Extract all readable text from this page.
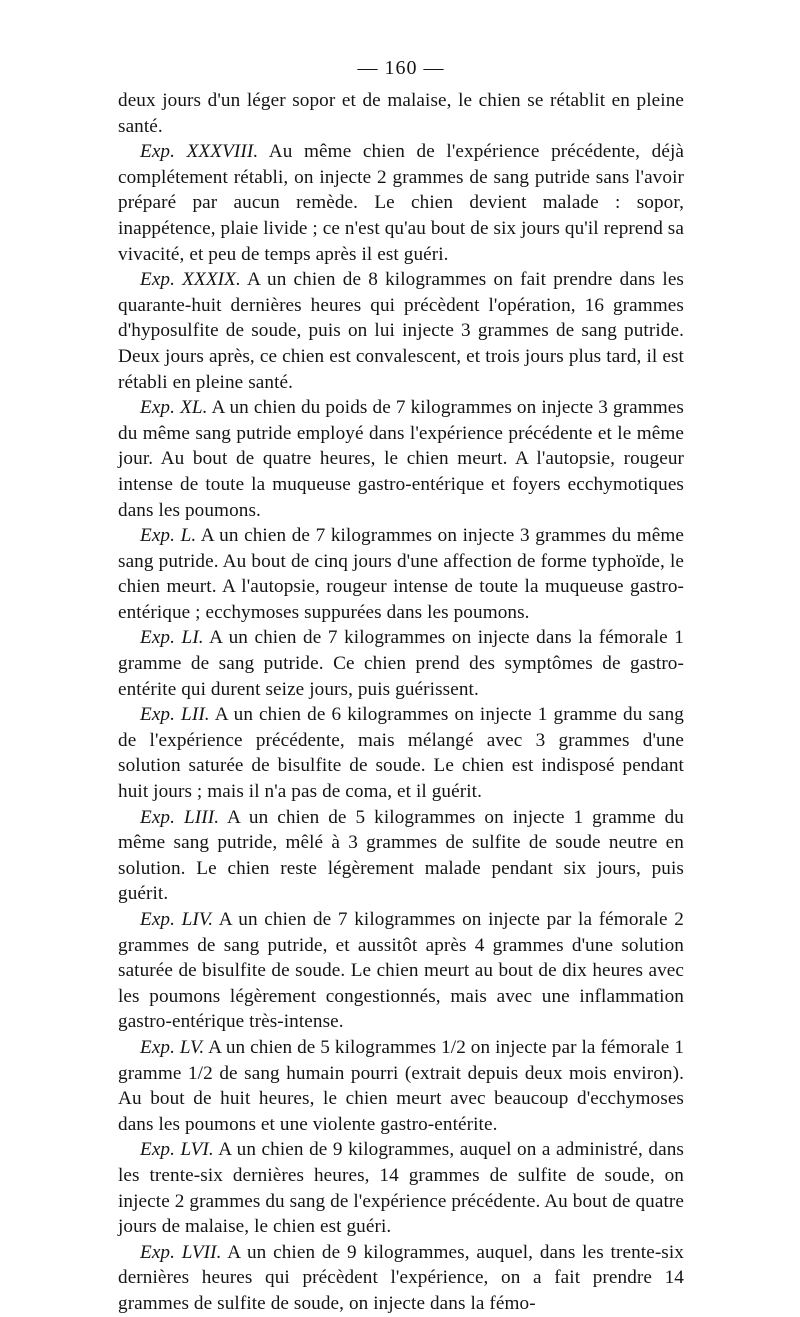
— 160 —

deux jours d'un léger sopor et de malaise, le chien se rétablit en pleine santé.

Exp. XXXVIII. Au même chien de l'expérience précédente, déjà complétement rétabli, on injecte 2 grammes de sang putride sans l'avoir préparé par aucun remède. Le chien devient malade : sopor, inappétence, plaie livide ; ce n'est qu'au bout de six jours qu'il reprend sa vivacité, et peu de temps après il est guéri.

Exp. XXXIX. A un chien de 8 kilogrammes on fait prendre dans les quarante-huit dernières heures qui précèdent l'opération, 16 grammes d'hyposulfite de soude, puis on lui injecte 3 grammes de sang putride. Deux jours après, ce chien est convalescent, et trois jours plus tard, il est rétabli en pleine santé.

Exp. XL. A un chien du poids de 7 kilogrammes on injecte 3 grammes du même sang putride employé dans l'expérience précédente et le même jour. Au bout de quatre heures, le chien meurt. A l'autopsie, rougeur intense de toute la muqueuse gastro-entérique et foyers ecchymotiques dans les poumons.

Exp. L. A un chien de 7 kilogrammes on injecte 3 grammes du même sang putride. Au bout de cinq jours d'une affection de forme typhoïde, le chien meurt. A l'autopsie, rougeur intense de toute la muqueuse gastro-entérique ; ecchymoses suppurées dans les poumons.

Exp. LI. A un chien de 7 kilogrammes on injecte dans la fémorale 1 gramme de sang putride. Ce chien prend des symptômes de gastro-entérite qui durent seize jours, puis guérissent.

Exp. LII. A un chien de 6 kilogrammes on injecte 1 gramme du sang de l'expérience précédente, mais mélangé avec 3 grammes d'une solution saturée de bisulfite de soude. Le chien est indisposé pendant huit jours ; mais il n'a pas de coma, et il guérit.

Exp. LIII. A un chien de 5 kilogrammes on injecte 1 gramme du même sang putride, mêlé à 3 grammes de sulfite de soude neutre en solution. Le chien reste légèrement malade pendant six jours, puis guérit.

Exp. LIV. A un chien de 7 kilogrammes on injecte par la fémorale 2 grammes de sang putride, et aussitôt après 4 grammes d'une solution saturée de bisulfite de soude. Le chien meurt au bout de dix heures avec les poumons légèrement congestionnés, mais avec une inflammation gastro-entérique très-intense.

Exp. LV. A un chien de 5 kilogrammes 1/2 on injecte par la fémorale 1 gramme 1/2 de sang humain pourri (extrait depuis deux mois environ). Au bout de huit heures, le chien meurt avec beaucoup d'ecchymoses dans les poumons et une violente gastro-entérite.

Exp. LVI. A un chien de 9 kilogrammes, auquel on a administré, dans les trente-six dernières heures, 14 grammes de sulfite de soude, on injecte 2 grammes du sang de l'expérience précédente. Au bout de quatre jours de malaise, le chien est guéri.

Exp. LVII. A un chien de 9 kilogrammes, auquel, dans les trente-six dernières heures qui précèdent l'expérience, on a fait prendre 14 grammes de sulfite de soude, on injecte dans la fémo-
